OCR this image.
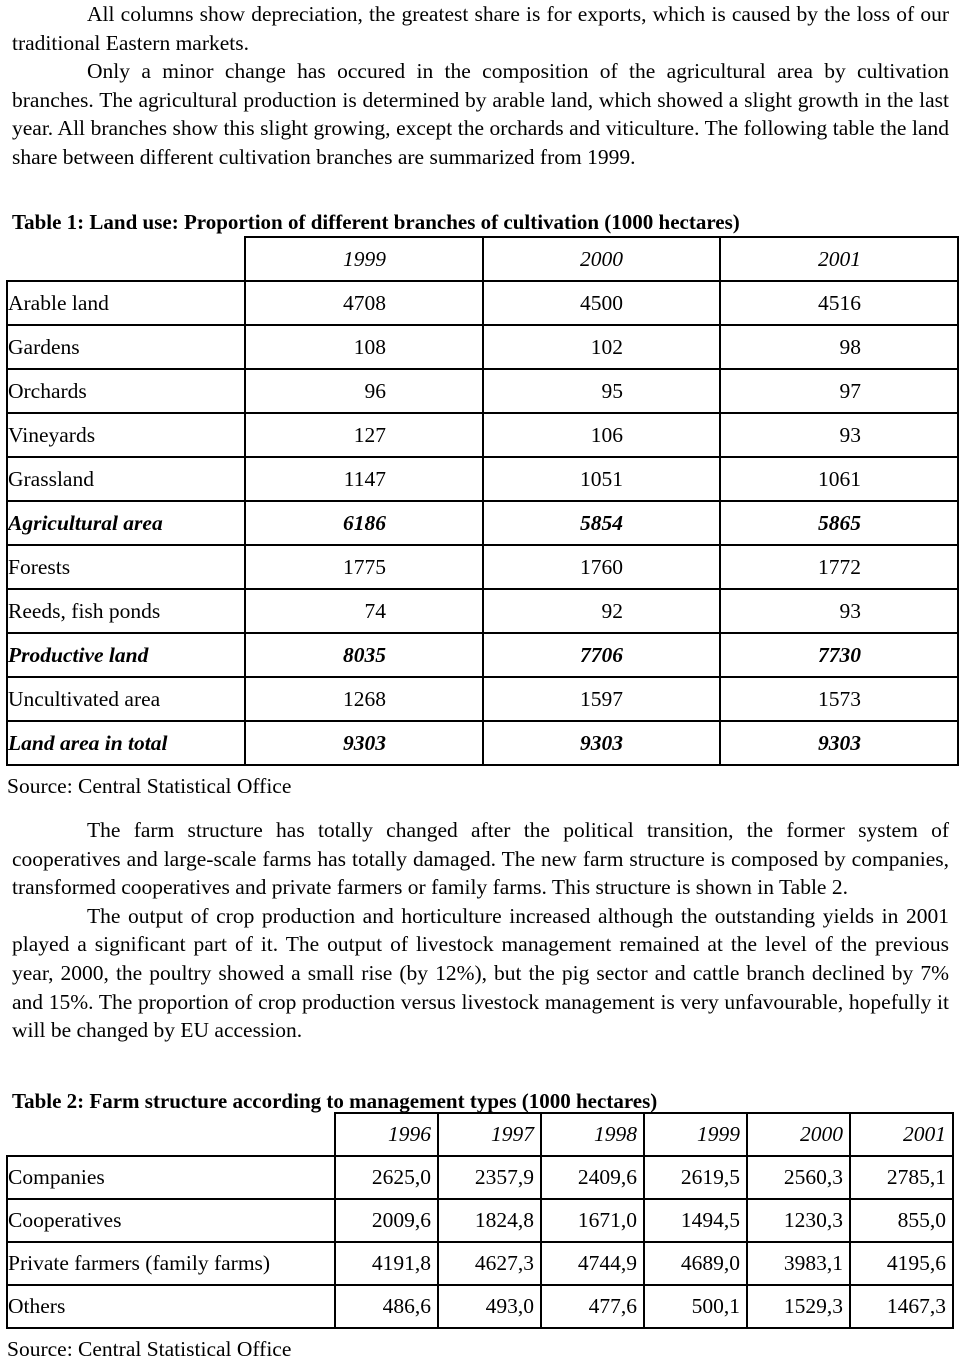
All columns show depreciation, the greatest share is for exports, which is caused by the loss of our traditional Eastern markets.

Only a minor change has occured in the composition of the agricultural area by cultivation branches. The agricultural production is determined by arable land, which showed a slight growth in the last year. All branches show this slight growing, except the orchards and viticulture. The following table the land share between different cultivation branches are summarized from 1999.

Table 1: Land use: Proportion of different branches of cultivation (1000 hectares)
	1999	2000	2001
Arable land	4708	4500	4516
Gardens	108	102	98
Orchards	96	95	97
Vineyards	127	106	93
Grassland	1147	1051	1061
Agricultural area	6186	5854	5865
Forests	1775	1760	1772
Reeds, fish ponds	74	92	93
Productive land	8035	7706	7730
Uncultivated area	1268	1597	1573
Land area in total	9303	9303	9303
Source: Central Statistical Office			

The farm structure has totally changed after the political transition, the former system of cooperatives and large-scale farms has totally damaged. The new farm structure is composed by companies, transformed cooperatives and private farmers or family farms. This structure is shown in Table 2.

The output of crop production and horticulture increased although the outstanding yields in 2001 played a significant part of it. The output of livestock management remained at the level of the previous year, 2000, the poultry showed a small rise (by 12%), but the pig sector and cattle branch declined by 7% and 15%. The proportion of crop production versus livestock management is very unfavourable, hopefully it will be changed by EU accession.

Table 2: Farm structure according to management types (1000 hectares)
	1996	1997	1998	1999	2000	2001
Companies	2625,0	2357,9	2409,6	2619,5	2560,3	2785,1
Cooperatives	2009,6	1824,8	1671,0	1494,5	1230,3	855,0
Private farmers (family farms)	4191,8	4627,3	4744,9	4689,0	3983,1	4195,6
Others	486,6	493,0	477,6	500,1	1529,3	1467,3
Source: Central Statistical Office						
